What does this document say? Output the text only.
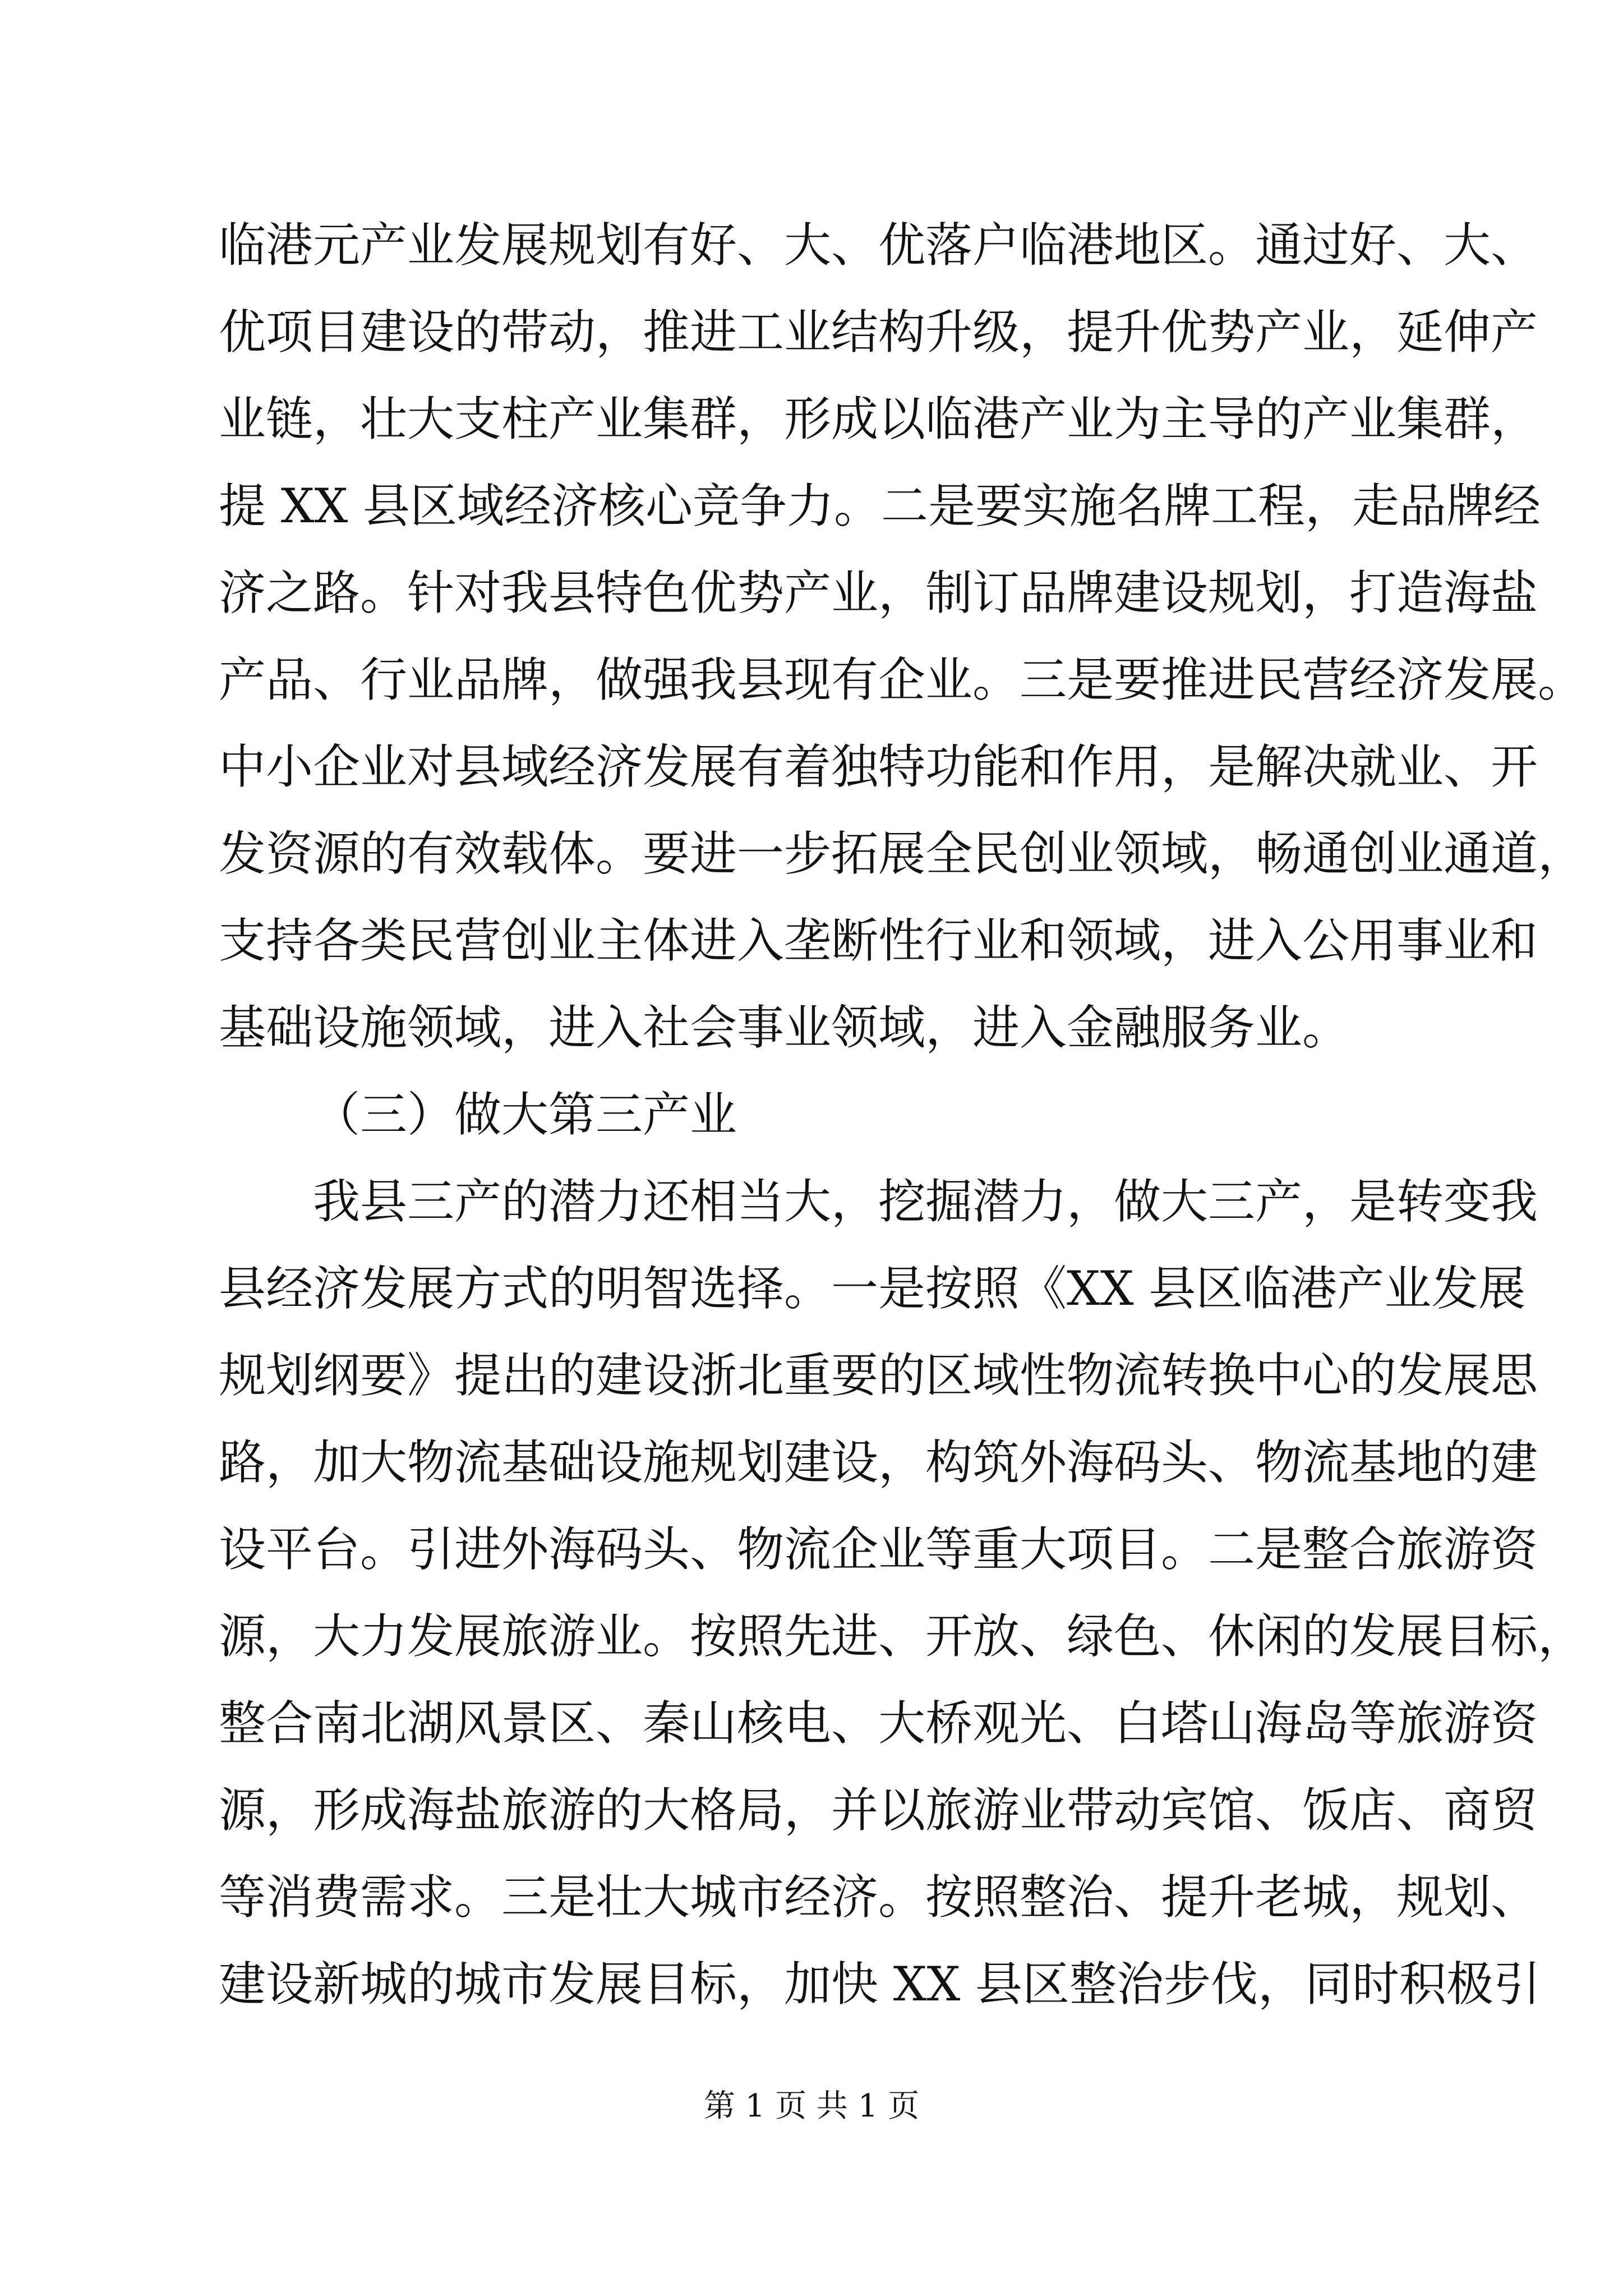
临港元产业发展规划有好、大、优落户临港地区。通过好、大、
优项目建设的带动，推进工业结构升级，提升优势产业，延伸产
业链，壮大支柱产业集群，形成以临港产业为主导的产业集群，
提 XX 县区域经济核心竞争力。二是要实施名牌工程，走品牌经
济之路。针对我县特色优势产业，制订品牌建设规划，打造海盐
产品、行业品牌，做强我县现有企业。三是要推进民营经济发展。
中小企业对县域经济发展有着独特功能和作用，是解决就业、开
发资源的有效载体。要进一步拓展全民创业领域，畅通创业通道，
支持各类民营创业主体进入垄断性行业和领域，进入公用事业和
基础设施领域，进入社会事业领域，进入金融服务业。
（三）做大第三产业
我县三产的潜力还相当大，挖掘潜力，做大三产，是转变我
县经济发展方式的明智选择。一是按照《XX 县区临港产业发展
规划纲要》提出的建设浙北重要的区域性物流转换中心的发展思
路，加大物流基础设施规划建设，构筑外海码头、物流基地的建
设平台。引进外海码头、物流企业等重大项目。二是整合旅游资
源，大力发展旅游业。按照先进、开放、绿色、休闲的发展目标，
整合南北湖风景区、秦山核电、大桥观光、白塔山海岛等旅游资
源，形成海盐旅游的大格局，并以旅游业带动宾馆、饭店、商贸
等消费需求。三是壮大城市经济。按照整治、提升老城，规划、
建设新城的城市发展目标，加快 XX 县区整治步伐，同时积极引
第 1 页 共 1 页
